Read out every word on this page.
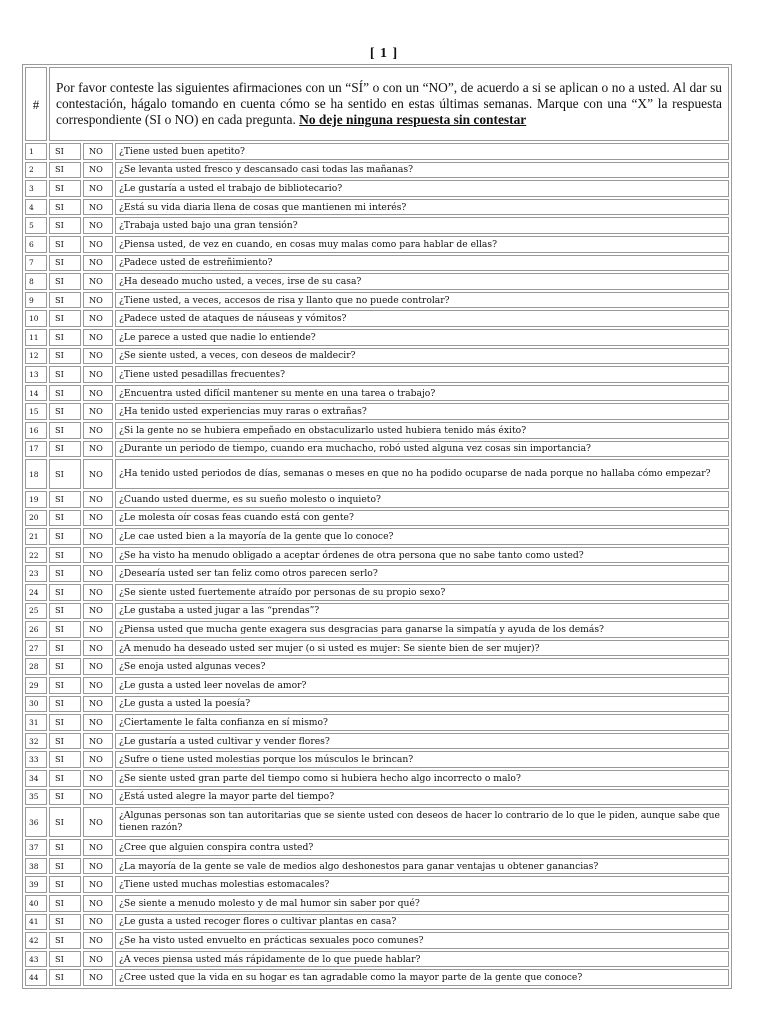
[ 1 ]
#	Por favor conteste las siguientes afirmaciones con un “SÍ” o con un “NO”, de acuerdo a si se aplican o no a usted. Al dar su contestación, hágalo tomando en cuenta cómo se ha sentido en estas últimas semanas. Marque con una “X” la respuesta correspondiente (SI o NO) en cada pregunta. No deje ninguna respuesta sin contestar		
1	SI	NO	¿Tiene usted buen apetito?
2	SI	NO	¿Se levanta usted fresco y descansado casi todas las mañanas?
3	SI	NO	¿Le gustaría a usted el trabajo de bibliotecario?
4	SI	NO	¿Está su vida diaria llena de cosas que mantienen mi interés?
5	SI	NO	¿Trabaja usted bajo una gran tensión?
6	SI	NO	¿Piensa usted, de vez en cuando, en cosas muy malas como para hablar de ellas?
7	SI	NO	¿Padece usted de estreñimiento?
8	SI	NO	¿Ha deseado mucho usted, a veces, irse de su casa?
9	SI	NO	¿Tiene usted, a veces, accesos de risa y llanto que no puede controlar?
10	SI	NO	¿Padece usted de ataques de náuseas y vómitos?
11	SI	NO	¿Le parece a usted que nadie lo entiende?
12	SI	NO	¿Se siente usted, a veces, con deseos de maldecir?
13	SI	NO	¿Tiene usted pesadillas frecuentes?
14	SI	NO	¿Encuentra usted difícil mantener su mente en una tarea o trabajo?
15	SI	NO	¿Ha tenido usted experiencias muy raras o extrañas?
16	SI	NO	¿Si la gente no se hubiera empeñado en obstaculizarlo usted hubiera tenido más éxito?
17	SI	NO	¿Durante un periodo de tiempo, cuando era muchacho, robó usted alguna vez cosas sin importancia?
18	SI	NO	¿Ha tenido usted periodos de días, semanas o meses en que no ha podido ocuparse de nada porque no hallaba cómo empezar?
19	SI	NO	¿Cuando usted duerme, es su sueño molesto o inquieto?
20	SI	NO	¿Le molesta oír cosas feas cuando está con gente?
21	SI	NO	¿Le cae usted bien a la mayoría de la gente que lo conoce?
22	SI	NO	¿Se ha visto ha menudo obligado a aceptar órdenes de otra persona que no sabe tanto como usted?
23	SI	NO	¿Desearía usted ser tan feliz como otros parecen serlo?
24	SI	NO	¿Se siente usted fuertemente atraído por personas de su propio sexo?
25	SI	NO	¿Le gustaba a usted jugar a las “prendas”?
26	SI	NO	¿Piensa usted que mucha gente exagera sus desgracias para ganarse la simpatía y ayuda de los demás?
27	SI	NO	¿A menudo ha deseado usted ser mujer (o si usted es mujer: Se siente bien de ser mujer)?
28	SI	NO	¿Se enoja usted algunas veces?
29	SI	NO	¿Le gusta a usted leer novelas de amor?
30	SI	NO	¿Le gusta a usted la poesía?
31	SI	NO	¿Ciertamente le falta confianza en sí mismo?
32	SI	NO	¿Le gustaría a usted cultivar y vender flores?
33	SI	NO	¿Sufre o tiene usted molestias porque los músculos le brincan?
34	SI	NO	¿Se siente usted gran parte del tiempo como si hubiera hecho algo incorrecto o malo?
35	SI	NO	¿Está usted alegre la mayor parte del tiempo?
36	SI	NO	¿Algunas personas son tan autoritarias que se siente usted con deseos de hacer lo contrario de lo que le piden, aunque sabe que tienen razón?
37	SI	NO	¿Cree que alguien conspira contra usted?
38	SI	NO	¿La mayoría de la gente se vale de medios algo deshonestos para ganar ventajas u obtener ganancias?
39	SI	NO	¿Tiene usted muchas molestias estomacales?
40	SI	NO	¿Se siente a menudo molesto y de mal humor sin saber por qué?
41	SI	NO	¿Le gusta a usted recoger flores o cultivar plantas en casa?
42	SI	NO	¿Se ha visto usted envuelto en prácticas sexuales poco comunes?
43	SI	NO	¿A veces piensa usted más rápidamente de lo que puede hablar?
44	SI	NO	¿Cree usted que la vida en su hogar es tan agradable como la mayor parte de la gente que conoce?
